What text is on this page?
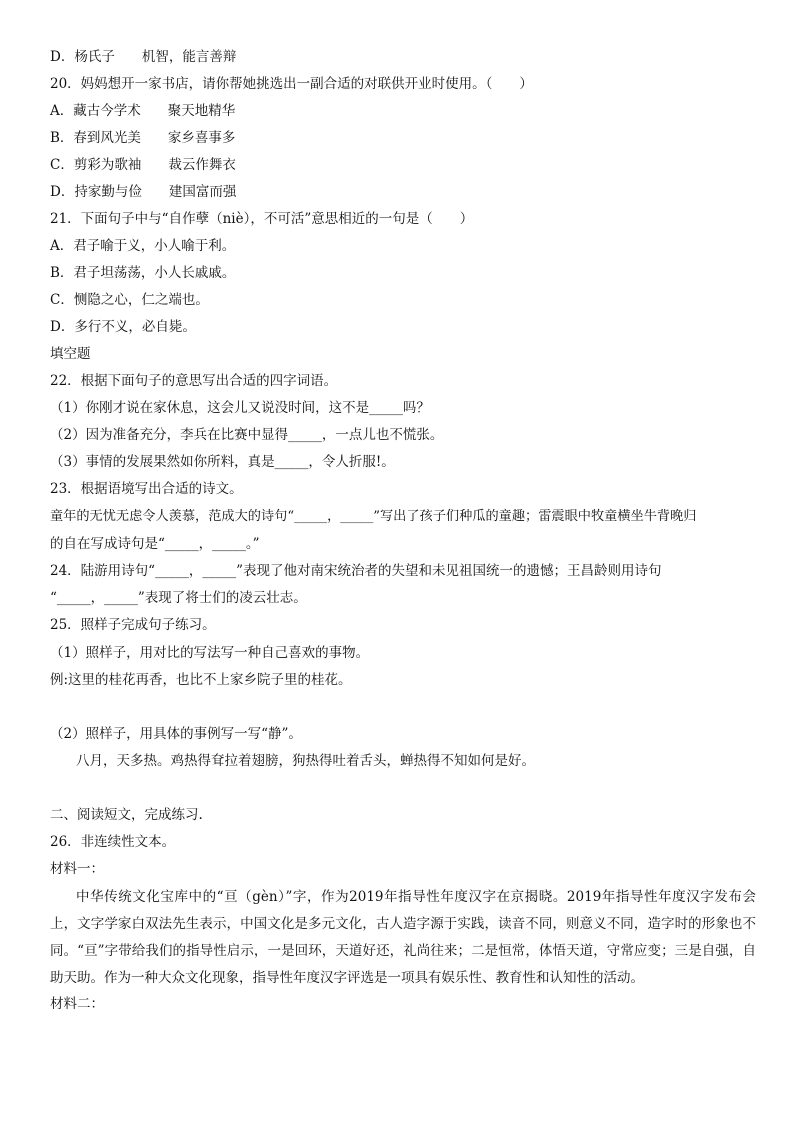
D．杨氏子　　机智，能言善辩
20．妈妈想开一家书店，请你帮她挑选出一副合适的对联供开业时使用。（　　）
A．藏古今学术　　聚天地精华
B．春到风光美　　家乡喜事多
C．剪彩为歌袖　　裁云作舞衣
D．持家勤与俭　　建国富而强
21．下面句子中与“自作孽（niè），不可活”意思相近的一句是（　　）
A．君子喻于义，小人喻于利。
B．君子坦荡荡，小人长戚戚。
C．恻隐之心，仁之端也。
D．多行不义，必自毙。
填空题
22．根据下面句子的意思写出合适的四字词语。
（1）你刚才说在家休息，这会儿又说没时间，这不是_____吗？
（2）因为准备充分，李兵在比赛中显得_____，一点儿也不慌张。
（3）事情的发展果然如你所料，真是_____，令人折服!。
23．根据语境写出合适的诗文。
童年的无忧无虑令人羡慕，范成大的诗句“_____，_____”写出了孩子们种瓜的童趣；雷震眼中牧童横坐牛背晚归
的自在写成诗句是“_____，_____。”
24．陆游用诗句“_____，_____”表现了他对南宋统治者的失望和未见祖国统一的遗憾；王昌龄则用诗句
“_____，_____”表现了将士们的凌云壮志。
25．照样子完成句子练习。
（1）照样子，用对比的写法写一种自己喜欢的事物。
例:这里的桂花再香，也比不上家乡院子里的桂花。
（2）照样子，用具体的事例写一写“静”。
八月，天多热。鸡热得耷拉着翅膀，狗热得吐着舌头，蝉热得不知如何是好。
二、阅读短文，完成练习.
26．非连续性文本。
材料一：
中华传统文化宝库中的“亘（gèn）”字，作为2019年指导性年度汉字在京揭晓。2019年指导性年度汉字发布会上，文字学家白双法先生表示，中国文化是多元文化，古人造字源于实践，读音不同，则意义不同，造字时的形象也不同。“亘”字带给我们的指导性启示，一是回环，天道好还，礼尚往来；二是恒常，体悟天道，守常应变；三是自强，自助天助。作为一种大众文化现象，指导性年度汉字评选是一项具有娱乐性、教育性和认知性的活动。
材料二：
